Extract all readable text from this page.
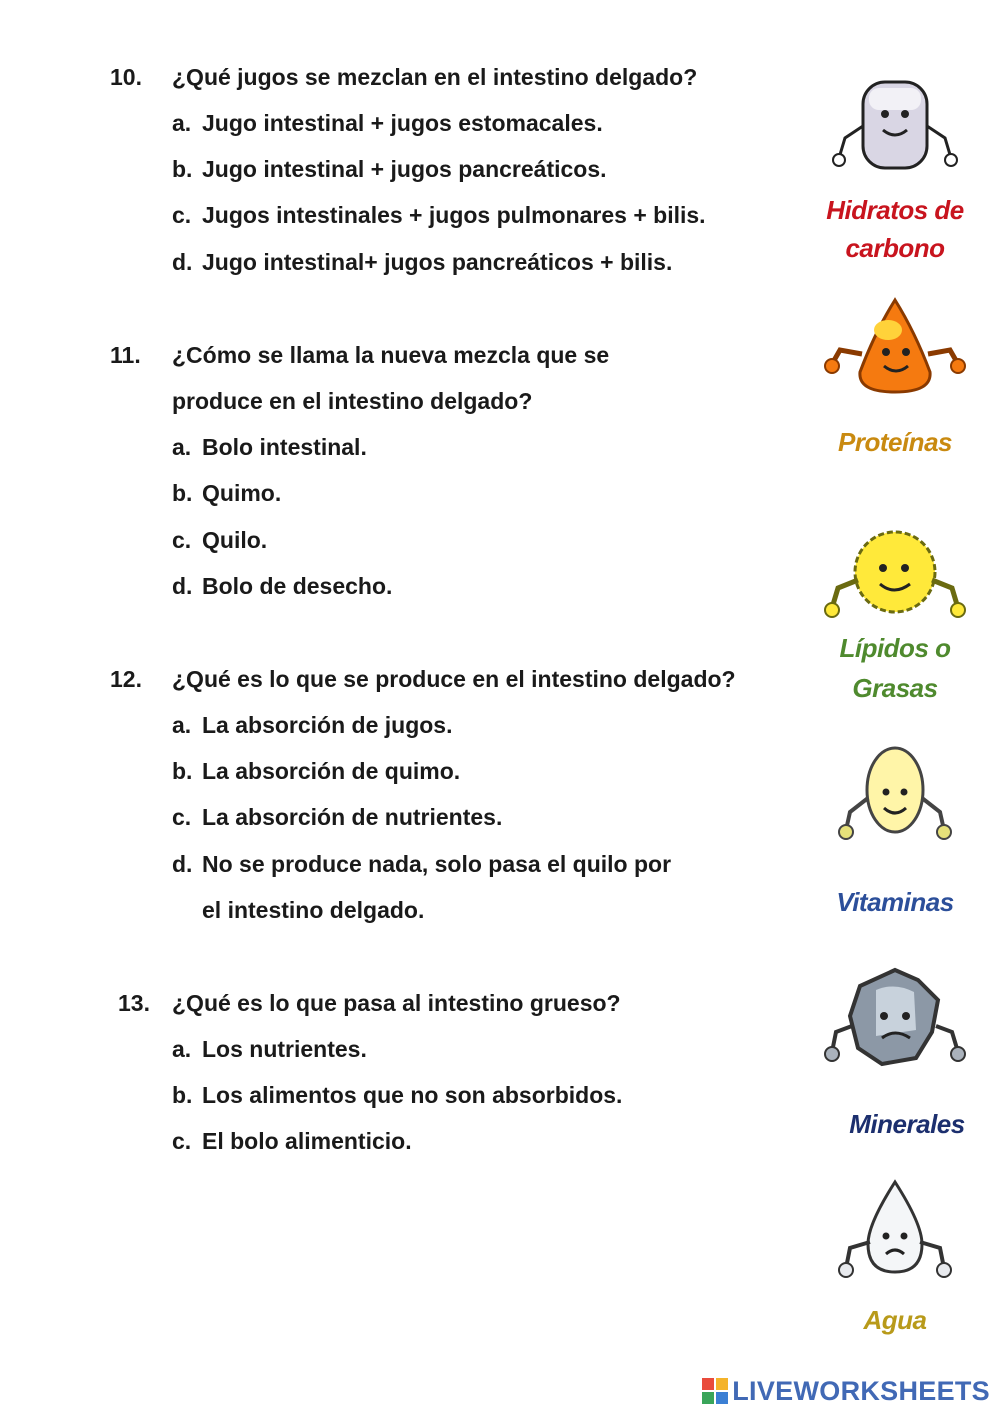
10. ¿Qué jugos se mezclan en el intestino delgado?
a. Jugo intestinal + jugos estomacales.
b. Jugo intestinal + jugos pancreáticos.
c. Jugos intestinales + jugos pulmonares + bilis.
d. Jugo intestinal+ jugos pancreáticos + bilis.
11. ¿Cómo se llama la nueva mezcla que se
produce en el intestino delgado?
a. Bolo intestinal.
b. Quimo.
c. Quilo.
d. Bolo de desecho.
12. ¿Qué es lo que se produce en el intestino delgado?
a. La absorción de jugos.
b. La absorción de quimo.
c. La absorción de nutrientes.
d. No se produce nada, solo pasa el quilo por
el intestino delgado.
13. ¿Qué es lo que pasa al intestino grueso?
a. Los nutrientes.
b. Los alimentos que no son absorbidos.
c. El bolo alimenticio.
Hidratos de
carbono
Proteínas
Lípidos o
Grasas
Vitaminas
Minerales
Agua
LIVEWORKSHEETS
